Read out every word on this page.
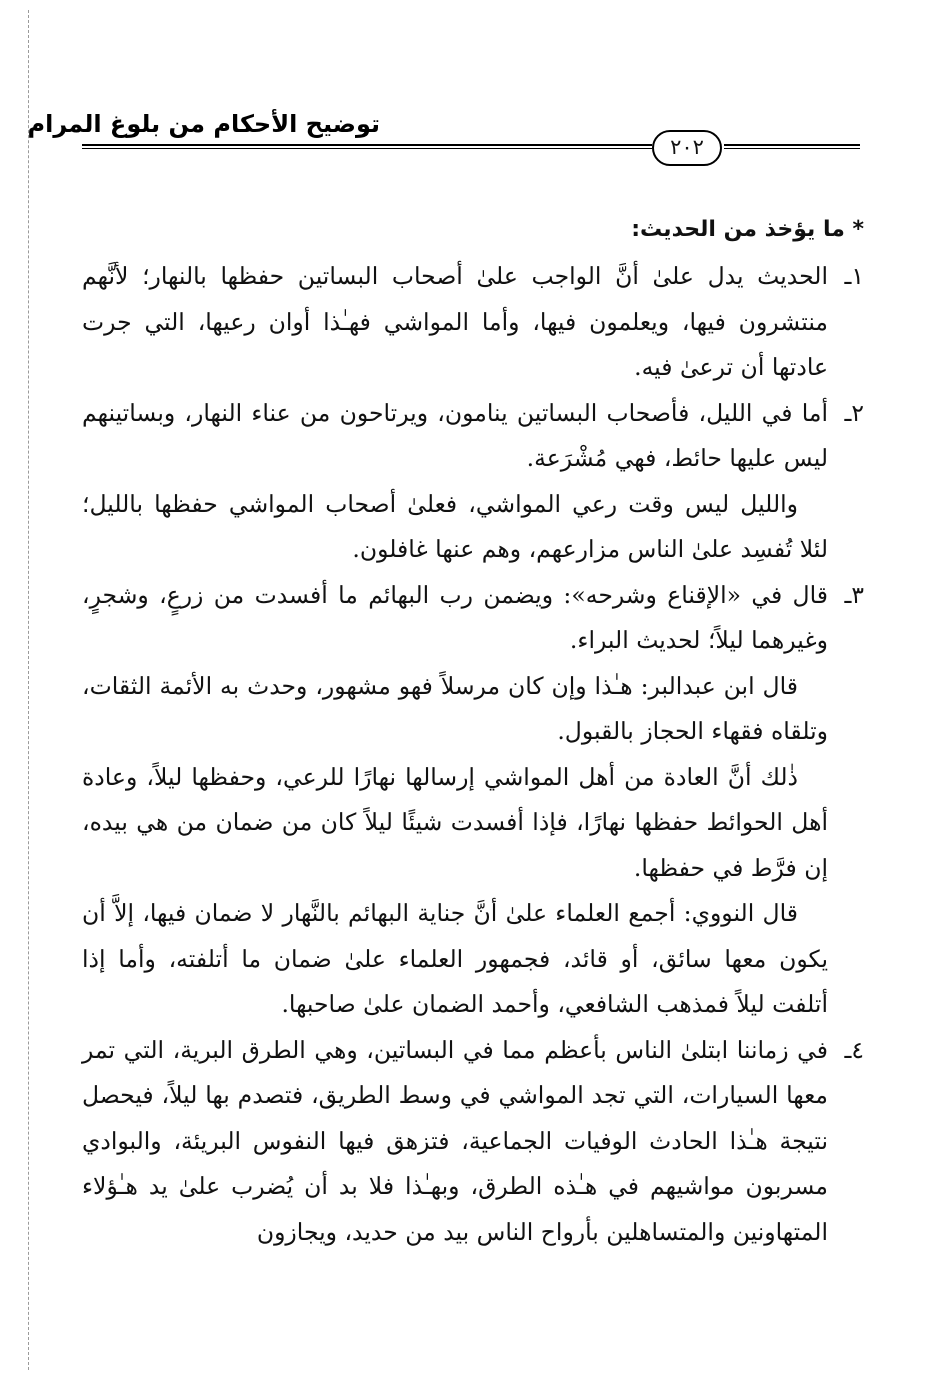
توضيح الأحكام من بلوغ المرام
٢٠٢
* ما يؤخذ من الحديث:

١ـالحديث يدل علىٰ أنَّ الواجب علىٰ أصحاب البساتين حفظها بالنهار؛ لأنَّهم منتشرون فيها، ويعلمون فيها، وأما المواشي فهـٰذا أوان رعيها، التي جرت عادتها أن ترعىٰ فيه.

٢ـأما في الليل، فأصحاب البساتين ينامون، ويرتاحون من عناء النهار، وبساتينهم ليس عليها حائط، فهي مُشْرَعة.

والليل ليس وقت رعي المواشي، فعلىٰ أصحاب المواشي حفظها بالليل؛ لئلا تُفسِد علىٰ الناس مزارعهم، وهم عنها غافلون.

٣ـقال في «الإقناع وشرحه»: ويضمن رب البهائم ما أفسدت من زرعٍ، وشجرٍ، وغيرهما ليلاً؛ لحديث البراء.

قال ابن عبدالبر: هـٰذا وإن كان مرسلاً فهو مشهور، وحدث به الأئمة الثقات، وتلقاه فقهاء الحجاز بالقبول.

ذٰلك أنَّ العادة من أهل المواشي إرسالها نهارًا للرعي، وحفظها ليلاً، وعادة أهل الحوائط حفظها نهارًا، فإذا أفسدت شيئًا ليلاً كان من ضمان من هي بيده، إن فرَّط في حفظها.

قال النووي: أجمع العلماء علىٰ أنَّ جناية البهائم بالنَّهار لا ضمان فيها، إلاَّ أن يكون معها سائق، أو قائد، فجمهور العلماء علىٰ ضمان ما أتلفته، وأما إذا أتلفت ليلاً فمذهب الشافعي، وأحمد الضمان علىٰ صاحبها.

٤ـفي زماننا ابتلىٰ الناس بأعظم مما في البساتين، وهي الطرق البرية، التي تمر معها السيارات، التي تجد المواشي في وسط الطريق، فتصدم بها ليلاً، فيحصل نتيجة هـٰذا الحادث الوفيات الجماعية، فتزهق فيها النفوس البريئة، والبوادي مسربون مواشيهم في هـٰذه الطرق، وبهـٰذا فلا بد أن يُضرب علىٰ يد هـٰؤلاء المتهاونين والمتساهلين بأرواح الناس بيد من حديد، ويجازون
